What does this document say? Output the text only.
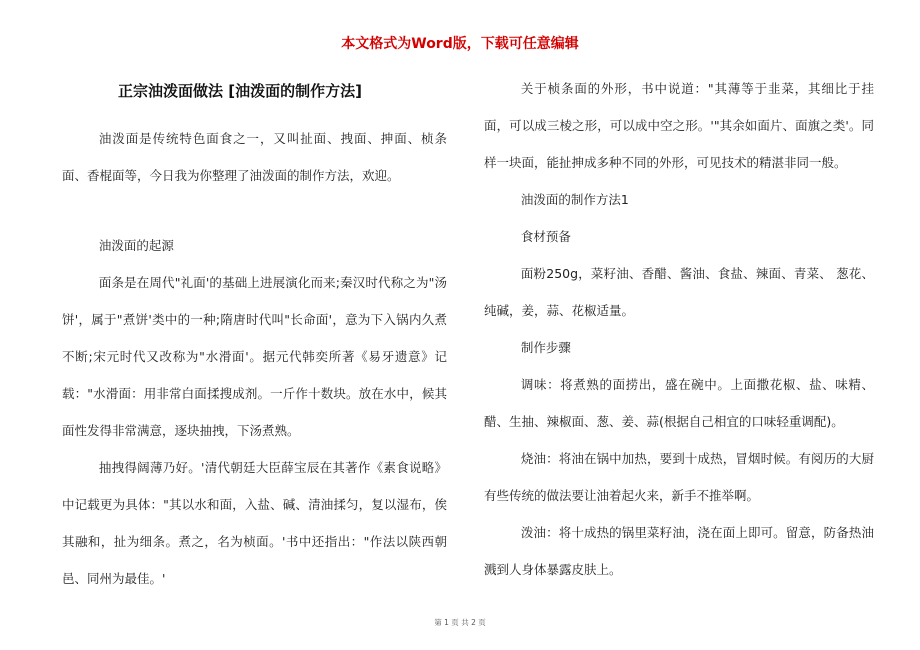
本文格式为Word版，下载可任意编辑
正宗油泼面做法 [油泼面的制作方法]

油泼面是传统特色面食之一，又叫扯面、拽面、抻面、桢条面、香棍面等，今日我为你整理了油泼面的制作方法，欢迎。

油泼面的起源

面条是在周代"礼面'的基础上进展演化而来;秦汉时代称之为"汤饼'，属于"煮饼'类中的一种;隋唐时代叫"长命面'，意为下入锅内久煮不断;宋元时代又改称为"水滑面'。据元代韩奕所著《易牙遗意》记载："水滑面：用非常白面揉搜成剂。一斤作十数块。放在水中，候其面性发得非常满意，逐块抽拽，下汤煮熟。

抽拽得阔薄乃好。'清代朝廷大臣薛宝辰在其著作《素食说略》中记载更为具体："其以水和面，入盐、碱、清油揉匀，复以湿布，俟其融和，扯为细条。煮之，名为桢面。'书中还指出："作法以陕西朝邑、同州为最佳。'

关于桢条面的外形，书中说道："其薄等于韭菜，其细比于挂面，可以成三棱之形，可以成中空之形。'"其余如面片、面旗之类'。同样一块面，能扯抻成多种不同的外形，可见技术的精湛非同一般。

油泼面的制作方法1

食材预备

面粉250g，菜籽油、香醋、酱油、食盐、辣面、青菜、 葱花、纯碱，姜，蒜、花椒适量。

制作步骤

调味：将煮熟的面捞出，盛在碗中。上面撒花椒、盐、味精、醋、生抽、辣椒面、葱、姜、蒜(根据自己相宜的口味轻重调配)。

烧油：将油在锅中加热，要到十成热，冒烟时候。有阅历的大厨有些传统的做法要让油着起火来，新手不推举啊。

泼油：将十成热的锅里菜籽油，浇在面上即可。留意，防备热油溅到人身体暴露皮肤上。

第 1 页 共 2 页
